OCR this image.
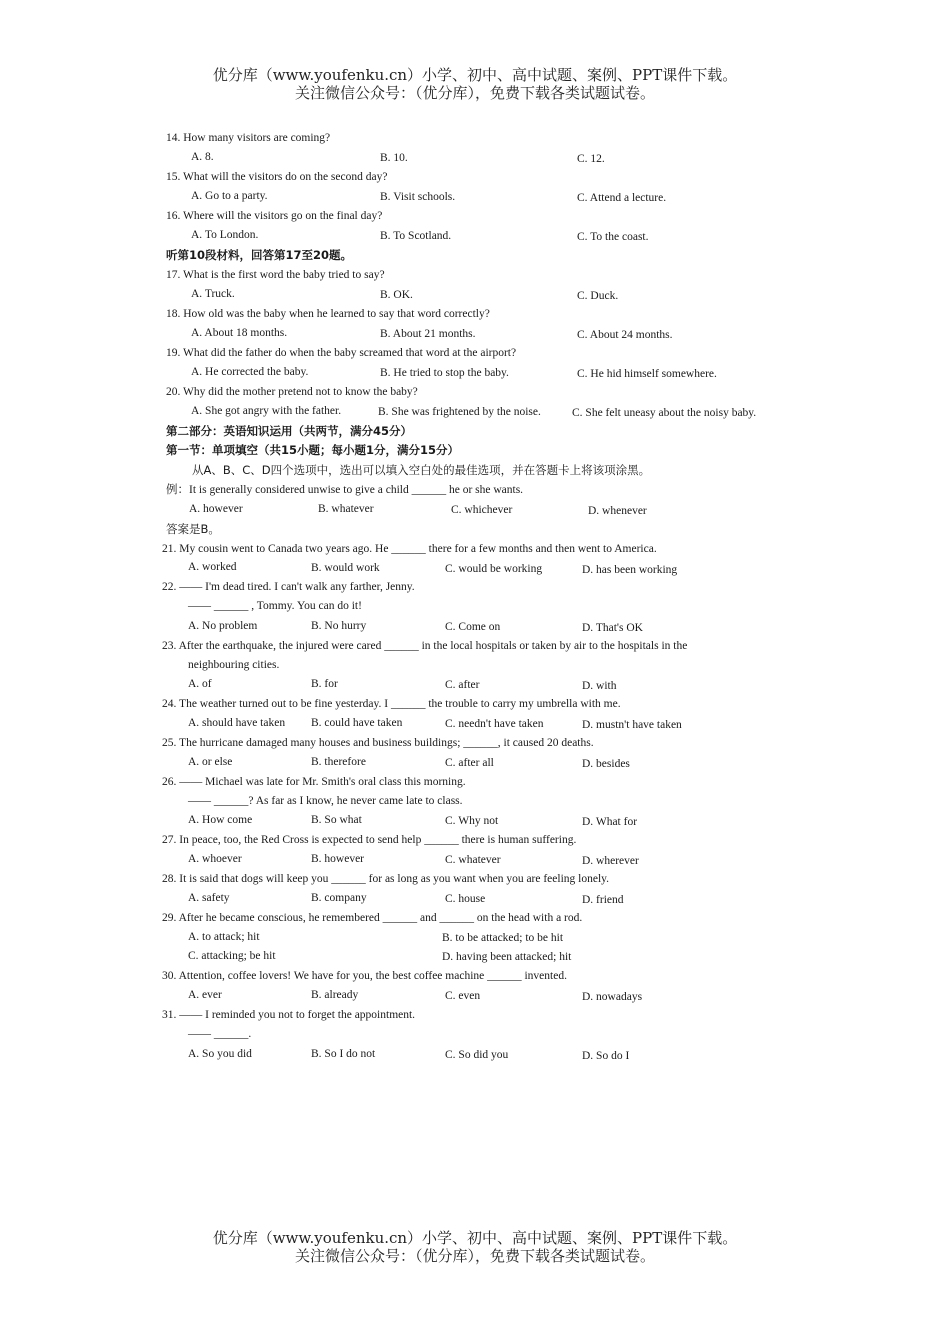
优分库（www.youfenku.cn）小学、初中、高中试题、案例、PPT课件下载。
关注微信公众号：（优分库），免费下载各类试题试卷。
14. How many visitors are coming?
A. 8.	B. 10.	C. 12.
15. What will the visitors do on the second day?
A. Go to a party.	B. Visit schools.	C. Attend a lecture.
16. Where will the visitors go on the final day?
A. To London.	B. To Scotland.	C. To the coast.
听第10段材料，回答第17至20题。
17. What is the first word the baby tried to say?
A. Truck.	B. OK.	C. Duck.
18. How old was the baby when he learned to say that word correctly?
A. About 18 months.	B. About 21 months.	C. About 24 months.
19. What did the father do when the baby screamed that word at the airport?
A. He corrected the baby.	B. He tried to stop the baby.	C. He hid himself somewhere.
20. Why did the mother pretend not to know the baby?
A. She got angry with the father.	B. She was frightened by the noise.	C. She felt uneasy about the noisy baby.
第二部分：英语知识运用（共两节，满分45分）
第一节：单项填空（共15小题；每小题1分，满分15分）
从A、B、C、D四个选项中，选出可以填入空白处的最佳选项，并在答题卡上将该项涂黑。
例：It is generally considered unwise to give a child ______ he or she wants.
A. however	B. whatever	C. whichever	D. whenever
答案是B。
21. My cousin went to Canada two years ago. He ______ there for a few months and then went to America.
A. worked	B. would work	C. would be working	D. has been working
22. —— I'm dead tired. I can't walk any farther, Jenny.
—— ______ , Tommy. You can do it!
A. No problem	B. No hurry	C. Come on	D. That's OK
23. After the earthquake, the injured were cared ______ in the local hospitals or taken by air to the hospitals in the
neighbouring cities.
A. of	B. for	C. after	D. with
24. The weather turned out to be fine yesterday. I ______ the trouble to carry my umbrella with me.
A. should have taken B. could have taken	C. needn't have taken	D. mustn't have taken
25. The hurricane damaged many houses and business buildings; ______, it caused 20 deaths.
A. or else	B. therefore	C. after all	D. besides
26. —— Michael was late for Mr. Smith's oral class this morning.
—— ______? As far as I know, he never came late to class.
A. How come	B. So what	C. Why not	D. What for
27. In peace, too, the Red Cross is expected to send help ______ there is human suffering.
A. whoever	B. however	C. whatever	D. wherever
28. It is said that dogs will keep you ______ for as long as you want when you are feeling lonely.
A. safety	B. company	C. house	D. friend
29. After he became conscious, he remembered ______ and ______ on the head with a rod.
A. to attack; hit	B. to be attacked; to be hit
C. attacking; be hit	D. having been attacked; hit
30. Attention, coffee lovers! We have for you, the best coffee machine ______ invented.
A. ever	B. already	C. even	D. nowadays
31. —— I reminded you not to forget the appointment.
—— ______.
A. So you did	B. So I do not	C. So did you	D. So do I
优分库（www.youfenku.cn）小学、初中、高中试题、案例、PPT课件下载。
关注微信公众号：（优分库），免费下载各类试题试卷。
